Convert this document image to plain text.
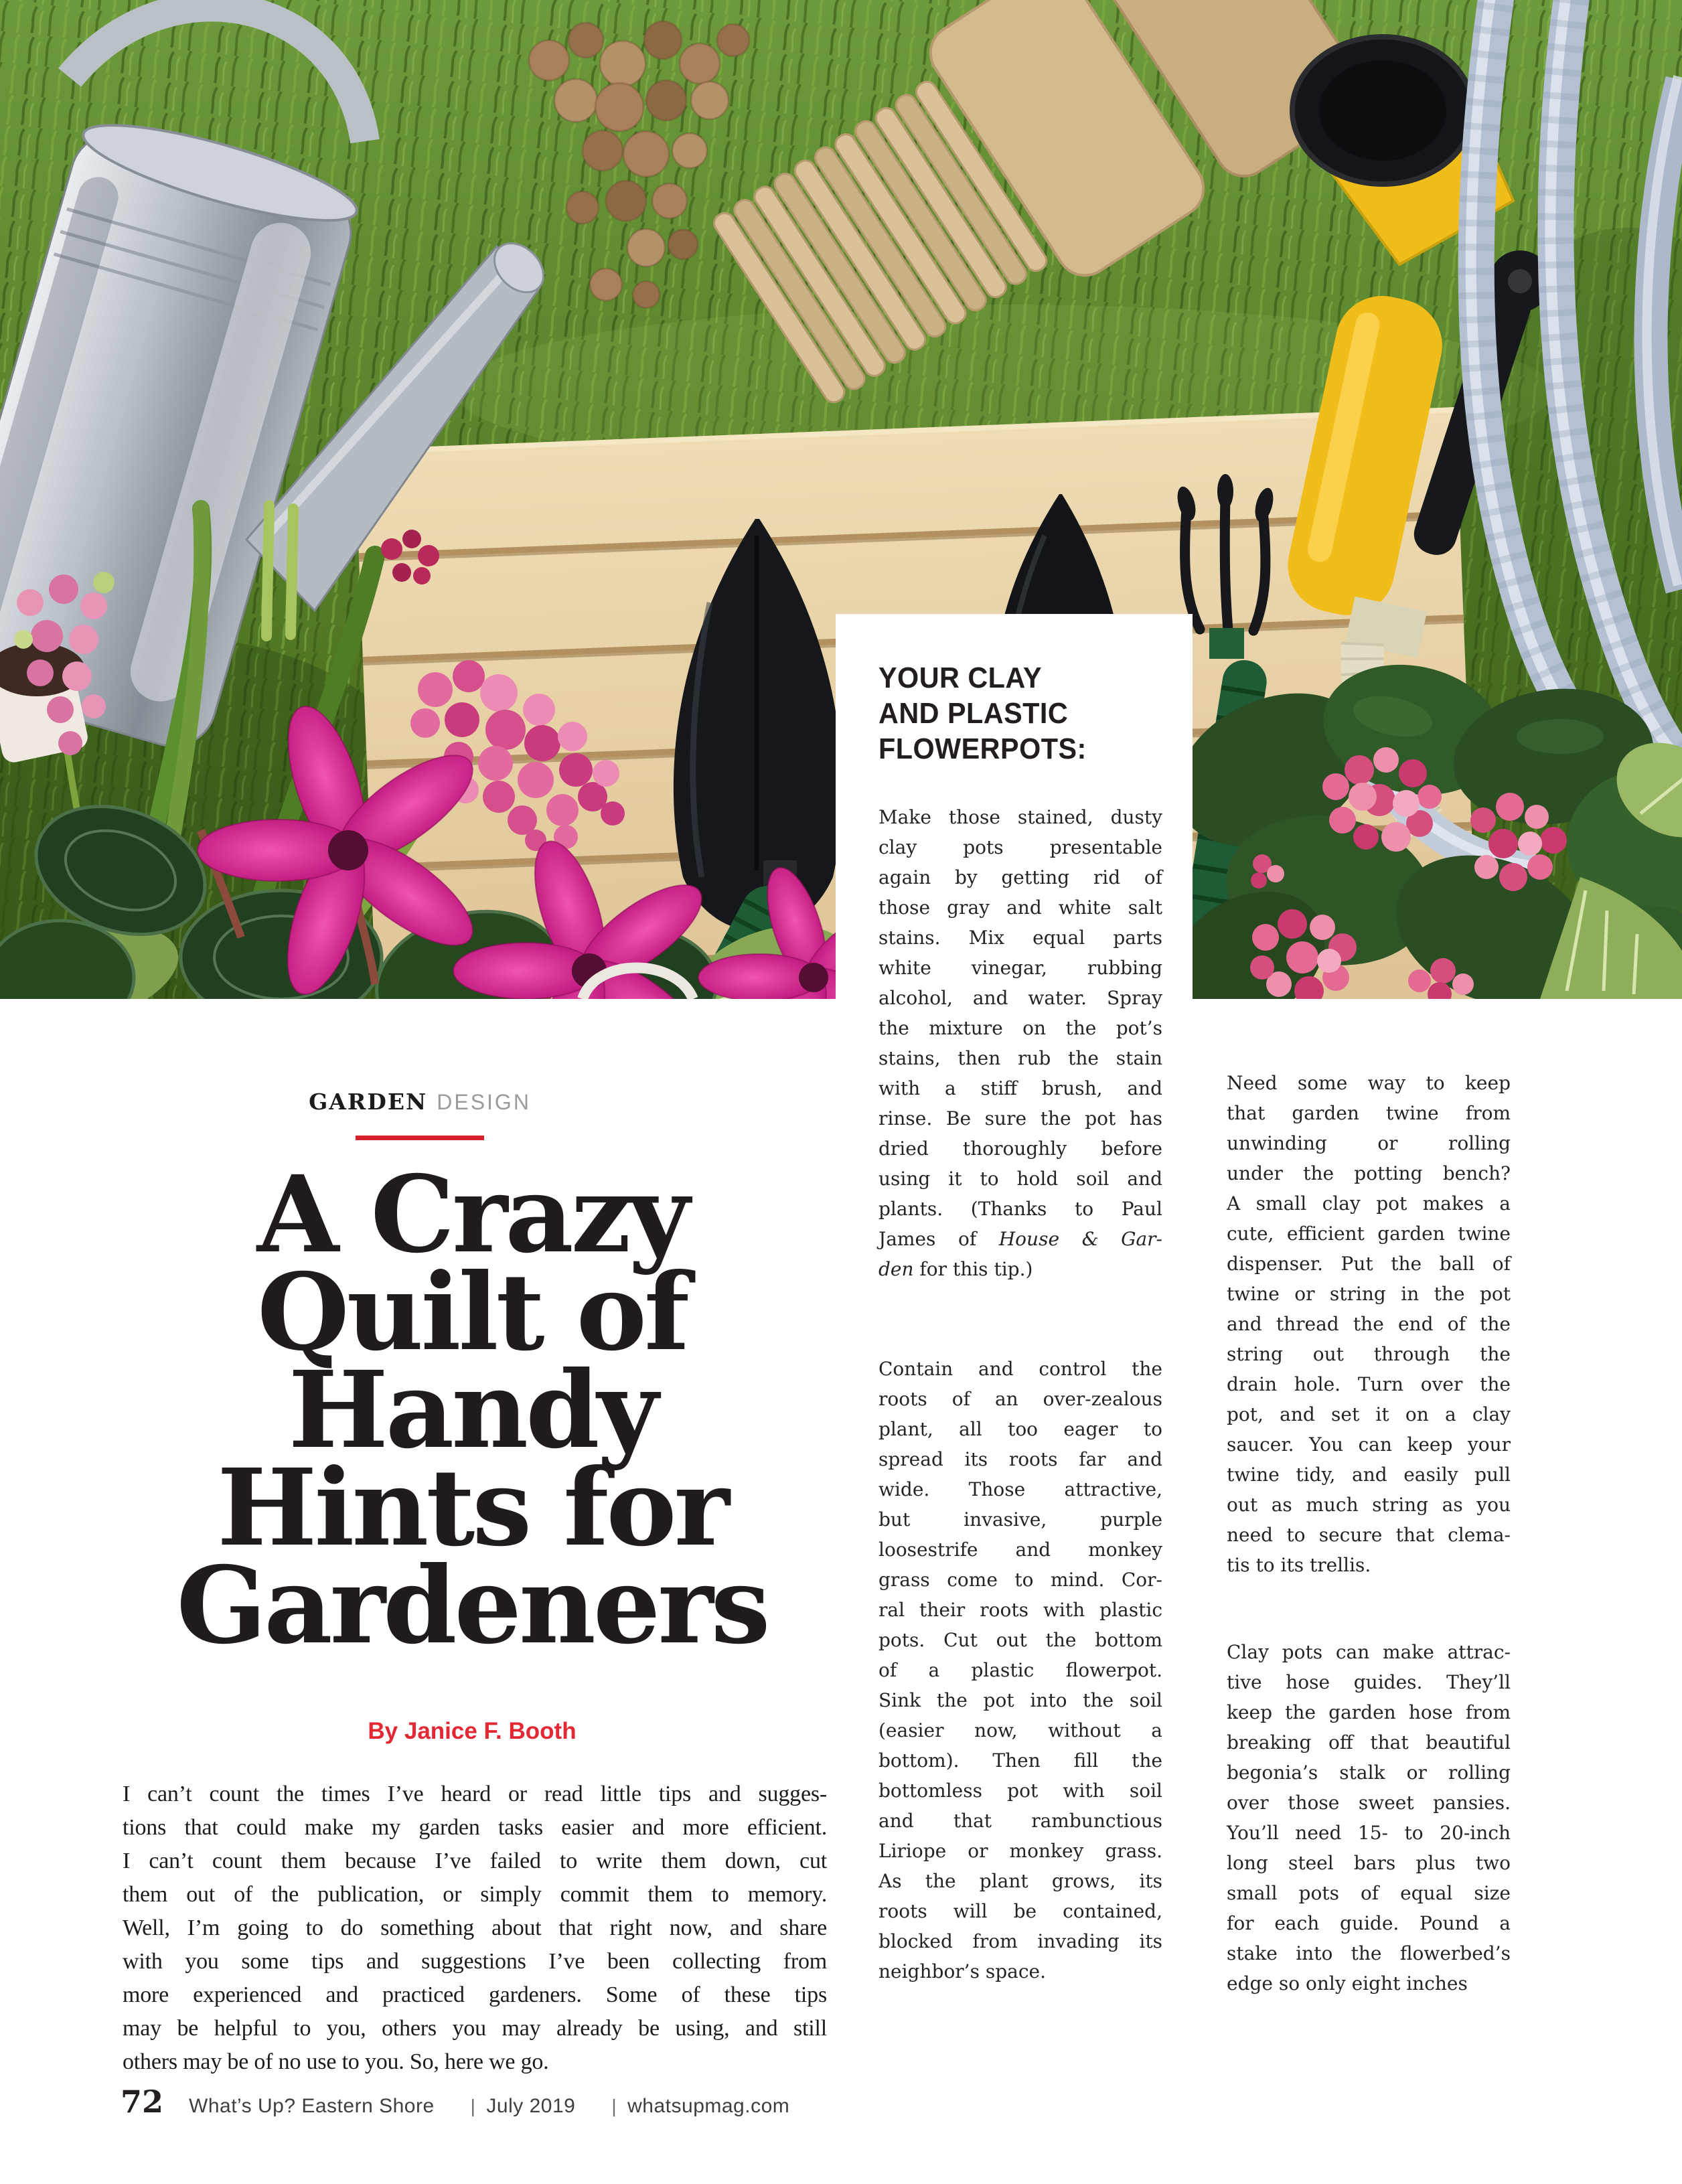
YOUR CLAY
AND PLASTIC
FLOWERPOTS:
Make those stained, dusty
clay pots presentable
again by getting rid of
those gray and white salt
stains. Mix equal parts
white vinegar, rubbing
alcohol, and water. Spray
the mixture on the pot’s
stains, then rub the stain
with a stiff brush, and
rinse. Be sure the pot has
dried thoroughly before
using it to hold soil and
plants. (Thanks to Paul
James of House & Gar-
den for this tip.)
Contain and control the
roots of an over-zealous
plant, all too eager to
spread its roots far and
wide. Those attractive,
but invasive, purple
loosestrife and monkey
grass come to mind. Cor-
ral their roots with plastic
pots. Cut out the bottom
of a plastic flowerpot.
Sink the pot into the soil
(easier now, without a
bottom). Then fill the
bottomless pot with soil
and that rambunctious
Liriope or monkey grass.
As the plant grows, its
roots will be contained,
blocked from invading its
neighbor’s space.
Need some way to keep
that garden twine from
unwinding or rolling
under the potting bench?
A small clay pot makes a
cute, efficient garden twine
dispenser. Put the ball of
twine or string in the pot
and thread the end of the
string out through the
drain hole. Turn over the
pot, and set it on a clay
saucer. You can keep your
twine tidy, and easily pull
out as much string as you
need to secure that clema-
tis to its trellis.
Clay pots can make attrac-
tive hose guides. They’ll
keep the garden hose from
breaking off that beautiful
begonia’s stalk or rolling
over those sweet pansies.
You’ll need 15- to 20-inch
long steel bars plus two
small pots of equal size
for each guide. Pound a
stake into the flowerbed’s
edge so only eight inches
GARDEN DESIGN
A Crazy
Quilt of
Handy
Hints for
Gardeners
By Janice F. Booth
I can’t count the times I’ve heard or read little tips and sugges-
tions that could make my garden tasks easier and more efficient.
I can’t count them because I’ve failed to write them down, cut
them out of the publication, or simply commit them to memory.
Well, I’m going to do something about that right now, and share
with you some tips and suggestions I’ve been collecting from
more experienced and practiced gardeners. Some of these tips
may be helpful to you, others you may already be using, and still
others may be of no use to you. So, here we go.
72 What’s Up? Eastern Shore	| July 2019	| whatsupmag.com
